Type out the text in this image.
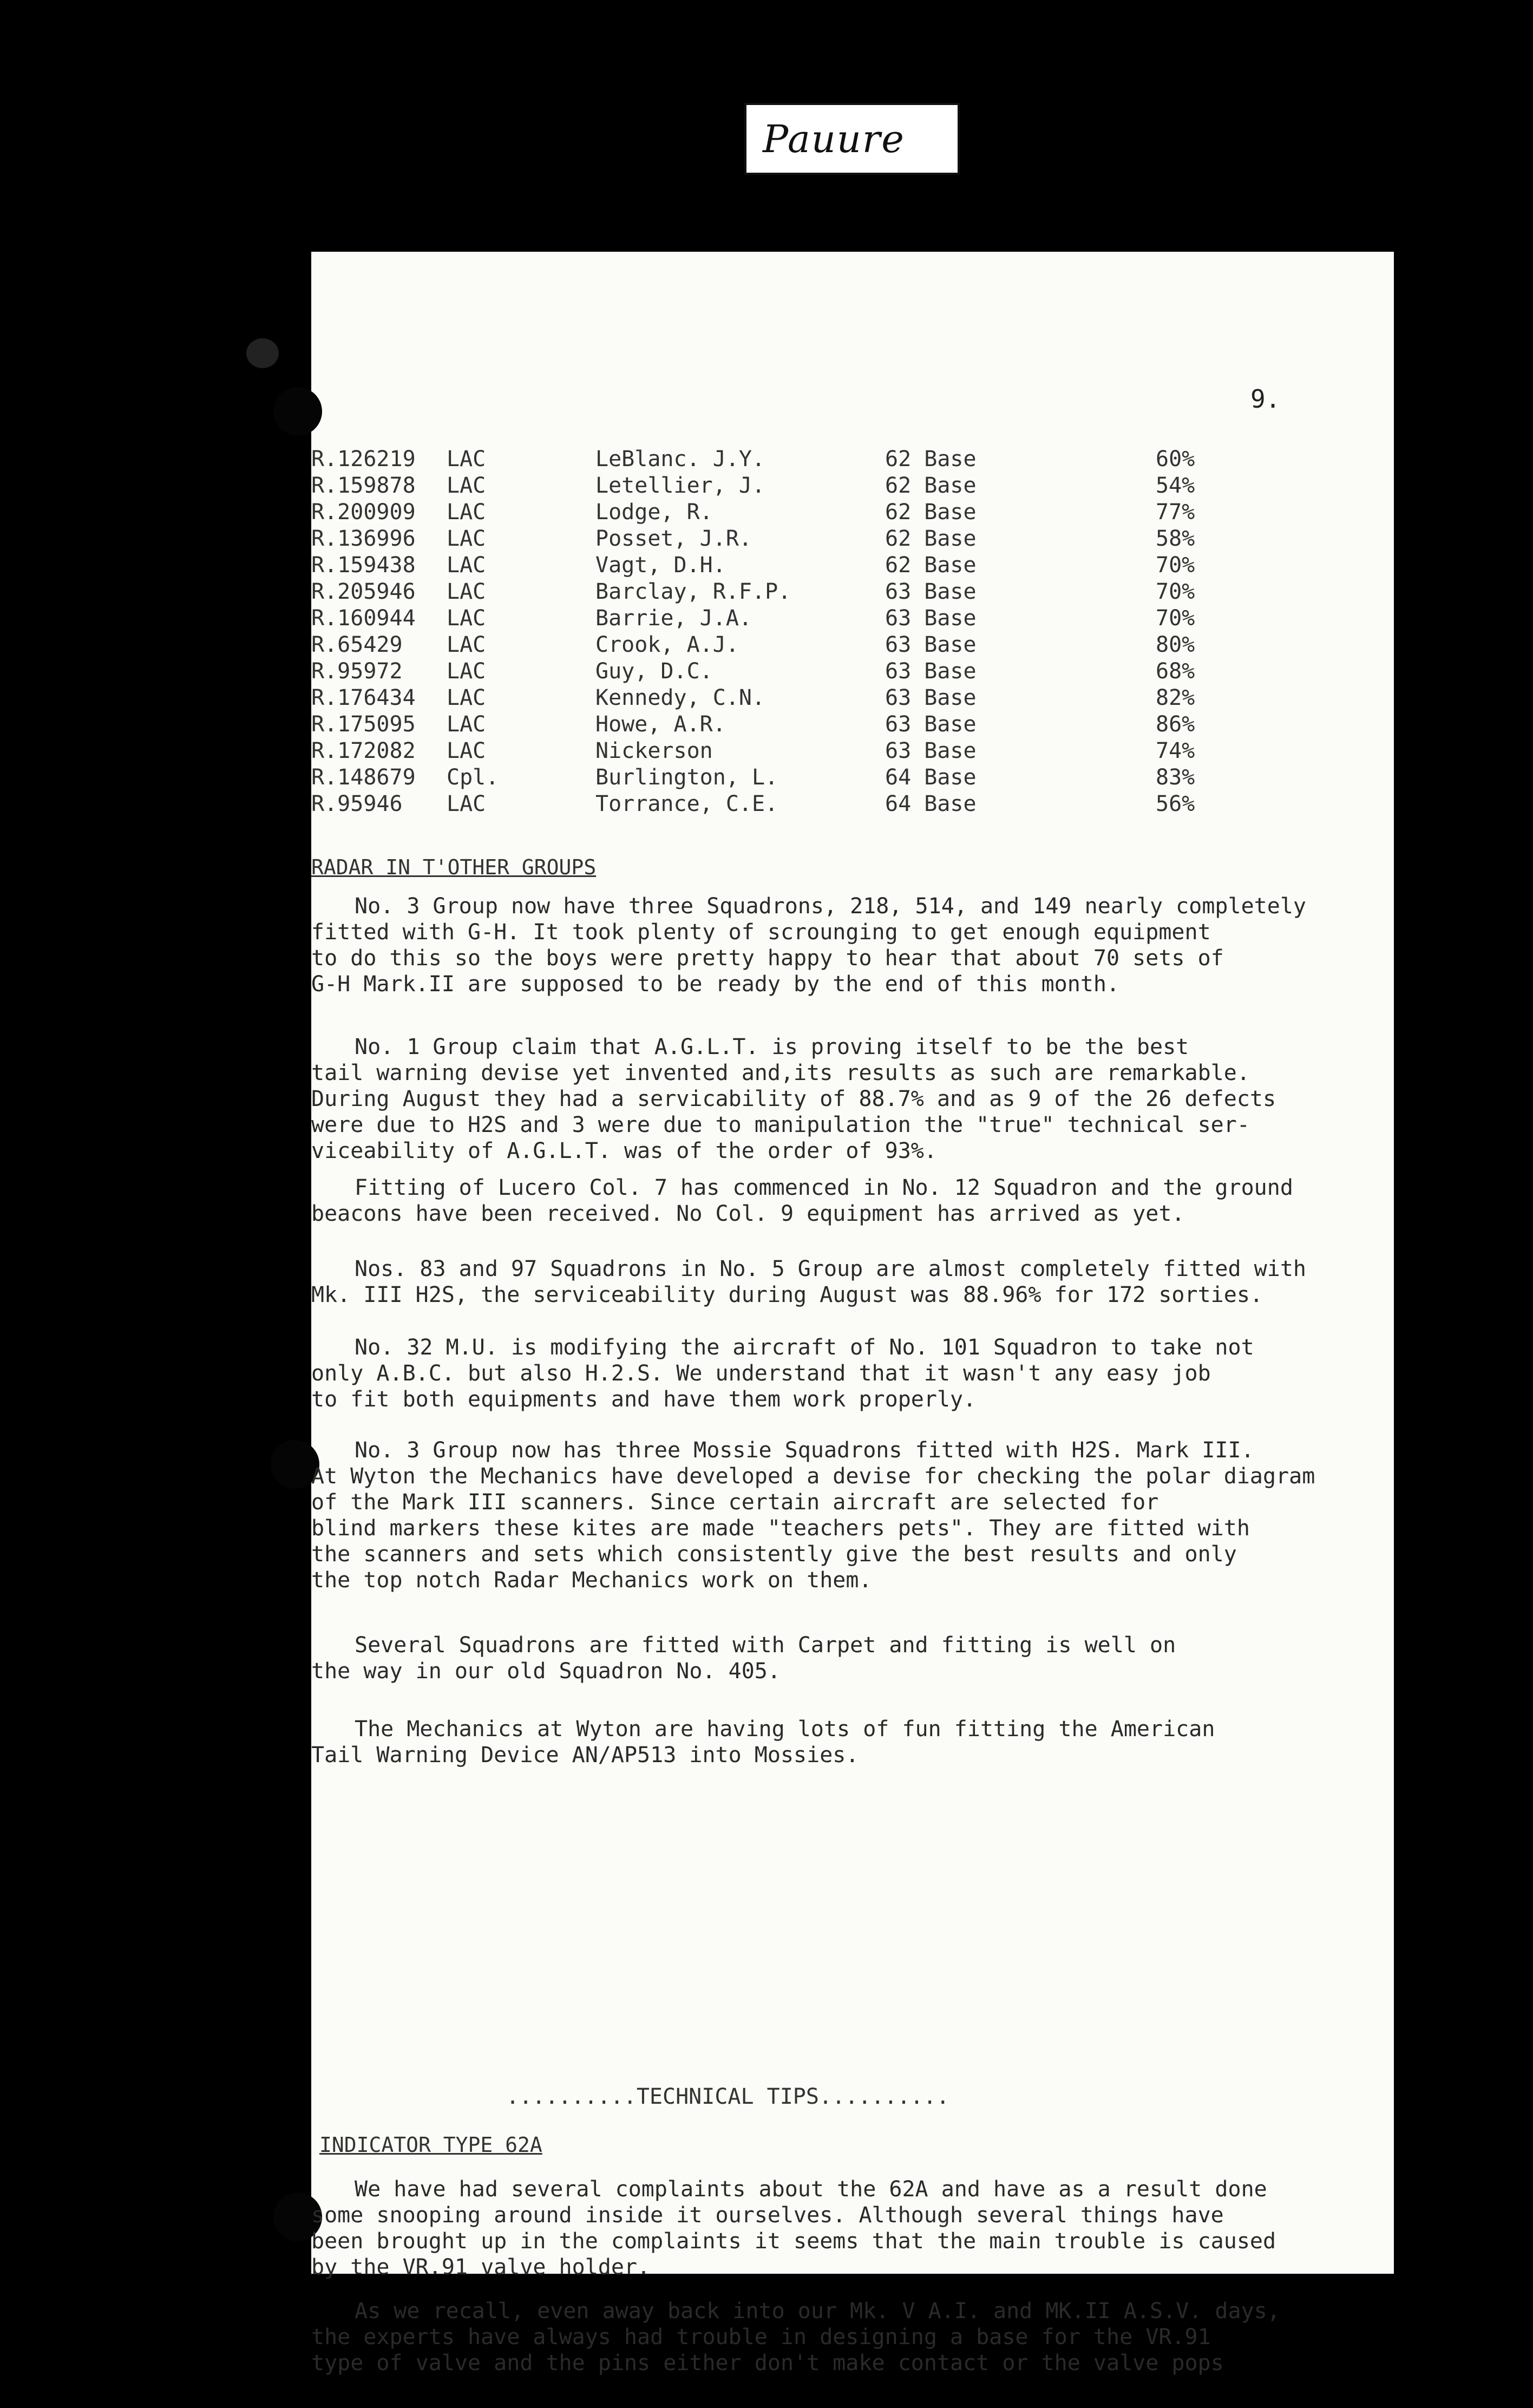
Pauure
9.
R.126219 LAC	LeBlanc. J.Y.	62 Base	60%
R.159878 LAC	Letellier, J.	62 Base	54%
R.200909 LAC	Lodge, R.	62 Base	77%
R.136996 LAC	Posset, J.R.	62 Base	58%
R.159438 LAC	Vagt, D.H.	62 Base	70%
R.205946 LAC	Barclay, R.F.P.	63 Base	70%
R.160944 LAC	Barrie, J.A.	63 Base	70%
R.65429 LAC	Crook, A.J.	63 Base	80%
R.95972 LAC	Guy, D.C.	63 Base	68%
R.176434 LAC	Kennedy, C.N.	63 Base	82%
R.175095 LAC	Howe, A.R.	63 Base	86%
R.172082 LAC	Nickerson	63 Base	74%
R.148679 Cpl.	Burlington, L.	64 Base	83%
R.95946 LAC	Torrance, C.E.	64 Base	56%
RADAR IN T'OTHER GROUPS
No. 3 Group now have three Squadrons, 218, 514, and 149 nearly completely
fitted with G-H. It took plenty of scrounging to get enough equipment
to do this so the boys were pretty happy to hear that about 70 sets of
G-H Mark.II are supposed to be ready by the end of this month.
No. 1 Group claim that A.G.L.T. is proving itself to be the best
tail warning devise yet invented and,its results as such are remarkable.
During August they had a servicability of 88.7% and as 9 of the 26 defects
were due to H2S and 3 were due to manipulation the "true" technical ser-
viceability of A.G.L.T. was of the order of 93%.
Fitting of Lucero Col. 7 has commenced in No. 12 Squadron and the ground
beacons have been received. No Col. 9 equipment has arrived as yet.
Nos. 83 and 97 Squadrons in No. 5 Group are almost completely fitted with
Mk. III H2S, the serviceability during August was 88.96% for 172 sorties.
No. 32 M.U. is modifying the aircraft of No. 101 Squadron to take not
only A.B.C. but also H.2.S. We understand that it wasn't any easy job
to fit both equipments and have them work properly.
No. 3 Group now has three Mossie Squadrons fitted with H2S. Mark III.
At Wyton the Mechanics have developed a devise for checking the polar diagram
of the Mark III scanners. Since certain aircraft are selected for
blind markers these kites are made "teachers pets". They are fitted with
the scanners and sets which consistently give the best results and only
the top notch Radar Mechanics work on them.
Several Squadrons are fitted with Carpet and fitting is well on
the way in our old Squadron No. 405.
The Mechanics at Wyton are having lots of fun fitting the American
Tail Warning Device AN/AP513 into Mossies.
..........TECHNICAL TIPS..........
INDICATOR TYPE 62A
We have had several complaints about the 62A and have as a result done
some snooping around inside it ourselves. Although several things have
been brought up in the complaints it seems that the main trouble is caused
by the VR.91 valve holder.
As we recall, even away back into our Mk. V A.I. and MK.II A.S.V. days,
the experts have always had trouble in designing a base for the VR.91
type of valve and the pins either don't make contact or the valve pops
